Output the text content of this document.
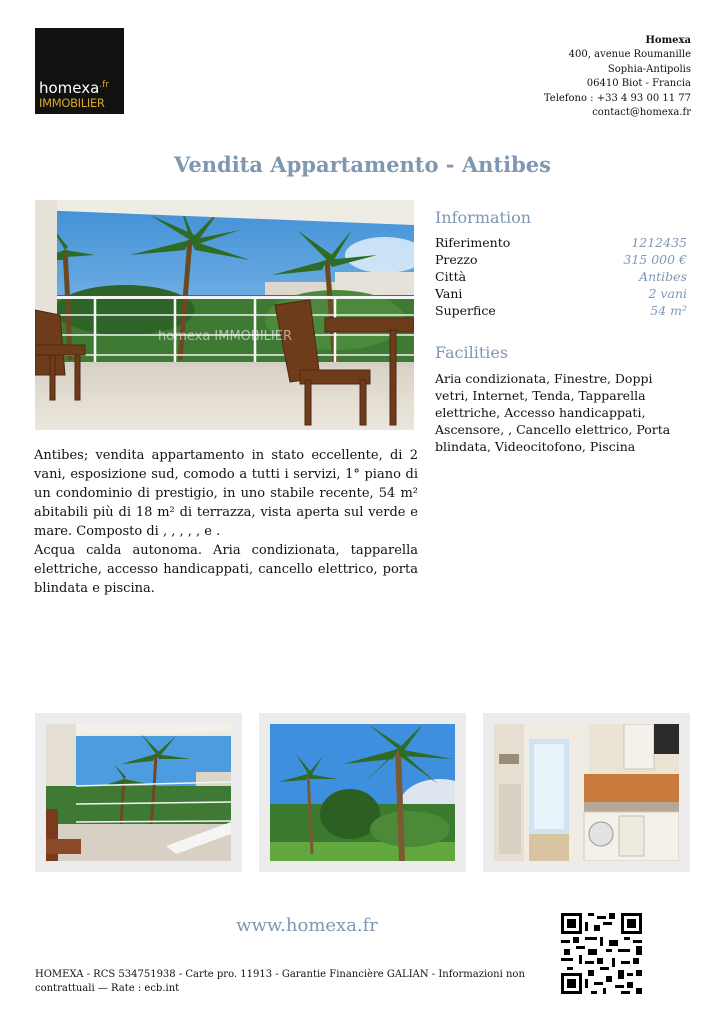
homexa$^{.fr}$
IMMOBILIER
Homexa
400, avenue Roumanille
Sophia-Antipolis
06410 Biot - Francia
Telefono : +33 4 93 00 11 77
contact@homexa.fr
Vendita Appartamento - Antibes
homexa IMMOBILIER

Antibes; vendita appartamento in stato eccellente, di 2 vani, esposizione sud, comodo a tutti i servizi, 1° piano di un condominio di prestigio, in uno stabile recente, 54 m² abitabili più di 18 m² di terrazza, vista aperta sul verde e mare. Composto di , , , , , e .

Acqua calda autonoma. Aria condizionata, tapparella elettriche, accesso handicappati, cancello elettrico, porta blindata e piscina.

Information
Riferimento	1212435
Prezzo	315 000 €
Città	Antibes
Vani	2 vani
Superfice	54 m²
Facilities
Aria condizionata, Finestre, Doppi vetri, Internet, Tenda, Tapparella elettriche, Accesso handicappati, Ascensore, , Cancello elettrico, Porta blindata, Videocitofono, Piscina
www.homexa.fr
HOMEXA - RCS 534751938 - Carte pro. 11913 - Garantie Financière GALIAN - Informazioni non contrattuali — Rate : ecb.int
